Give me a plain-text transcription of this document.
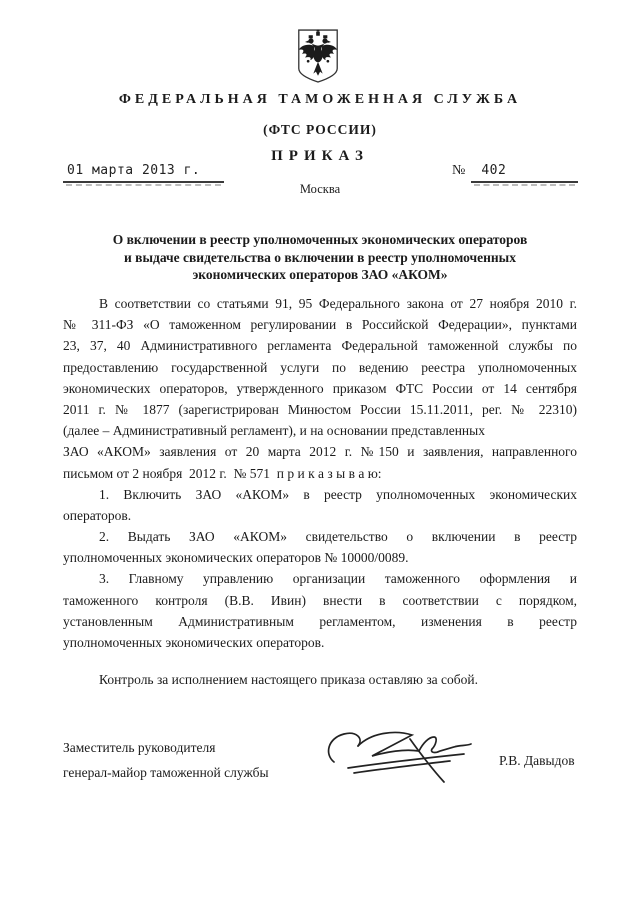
ФЕДЕРАЛЬНАЯ ТАМОЖЕННАЯ СЛУЖБА
(ФТС РОССИИ)
ПРИКАЗ
01 марта 2013 г.	№	402
Москва
О включении в реестр уполномоченных экономических операторов
и выдаче свидетельства о включении в реестр уполномоченных
экономических операторов ЗАО «АКОМ»
В соответствии со статьями 91, 95 Федерального закона от 27 ноября 2010 г.
№ 311-ФЗ «О таможенном регулировании в Российской Федерации», пунктами
23, 37, 40 Административного регламента Федеральной таможенной службы по
предоставлению государственной услуги по ведению реестра уполномоченных
экономических операторов, утвержденного приказом ФТС России от 14 сентября
2011 г. № 1877 (зарегистрирован Минюстом России 15.11.2011, рег. № 22310)
(далее – Административный регламент), и на основании представленных
ЗАО «АКОМ» заявления от 20 марта 2012 г. №150 и заявления, направленного
письмом от 2 ноября  2012 г.  № 571  п р и к а з ы в а ю:
1. Включить ЗАО «АКОМ» в реестр уполномоченных экономических
операторов.
2. Выдать ЗАО «АКОМ» свидетельство о включении в реестр
уполномоченных экономических операторов № 10000/0089.
3. Главному управлению организации таможенного оформления и
таможенного контроля (В.В. Ивин) внести в соответствии с порядком,
установленным Административным регламентом, изменения в реестр
уполномоченных экономических операторов.
Контроль за исполнением настоящего приказа оставляю за собой.
Заместитель руководителя
генерал-майор таможенной службы
Р.В. Давыдов
